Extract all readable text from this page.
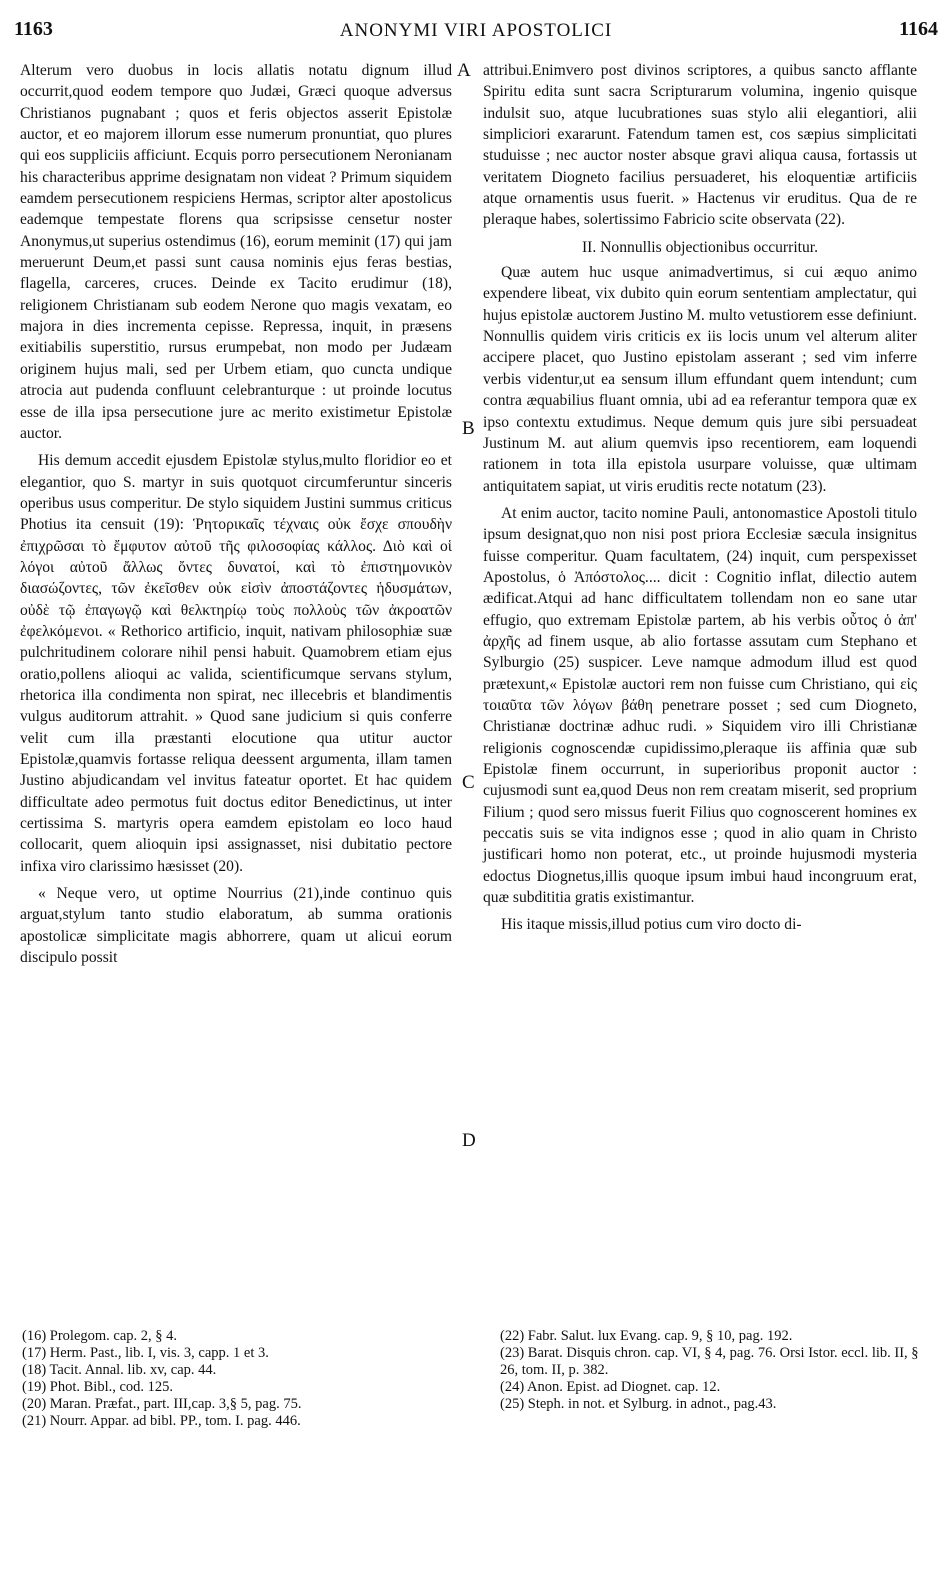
1163	ANONYMI VIRI APOSTOLICI	1164

Alterum vero duobus in locis allatis notatu dignum illud occurrit,quod eodem tempore quo Judæi, Græci quoque adversus Christianos pugnabant ; quos et feris objectos asserit Epistolæ auctor, et eo majorem illorum esse numerum pronuntiat, quo plures qui eos suppliciis afficiunt. Ecquis porro persecutionem Neronianam his characteribus apprime designatam non videat ? Primum siquidem eamdem persecutionem respiciens Hermas, scriptor alter apostolicus eademque tempestate florens qua scripsisse censetur noster Anonymus,ut superius ostendimus (16), eorum meminit (17) qui jam meruerunt Deum,et passi sunt causa nominis ejus feras bestias, flagella, carceres, cruces. Deinde ex Tacito erudimur (18), religionem Christianam sub eodem Nerone quo magis vexatam, eo majora in dies incrementa cepisse. Repressa, inquit, in præsens exitiabilis superstitio, rursus erumpebat, non modo per Judæam originem hujus mali, sed per Urbem etiam, quo cuncta undique atrocia aut pudenda confluunt celebranturque : ut proinde locutus esse de illa ipsa persecutione jure ac merito existimetur Epistolæ auctor.

His demum accedit ejusdem Epistolæ stylus,multo floridior eo et elegantior, quo S. martyr in suis quotquot circumferuntur sinceris operibus usus comperitur. De stylo siquidem Justini summus criticus Photius ita censuit (19): Ῥητορικαῖς τέχναις οὐκ ἔσχε σπουδὴν ἐπιχρῶσαι τὸ ἔμφυτον αὐτοῦ τῆς φιλοσοφίας κάλλος. Διὸ καὶ οἱ λόγοι αὐτοῦ ἄλλως ὄντες δυνατοί, καὶ τὸ ἐπιστημονικὸν διασώζοντες, τῶν ἐκεῖσθεν οὐκ εἰσὶν ἀποστάζοντες ἡδυσμάτων, οὐδὲ τῷ ἐπαγωγῷ καὶ θελκτηρίῳ τοὺς πολλοὺς τῶν ἀκροατῶν ἐφελκόμενοι. « Rethorico artificio, inquit, nativam philosophiæ suæ pulchritudinem colorare nihil pensi habuit. Quamobrem etiam ejus oratio,pollens alioqui ac valida, scientificumque servans stylum, rhetorica illa condimenta non spirat, nec illecebris et blandimentis vulgus auditorum attrahit. » Quod sane judicium si quis conferre velit cum illa præstanti elocutione qua utitur auctor Epistolæ,quamvis fortasse reliqua deessent argumenta, illam tamen Justino abjudicandam vel invitus fateatur oportet. Et hac quidem difficultate adeo permotus fuit doctus editor Benedictinus, ut inter certissima S. martyris opera eamdem epistolam eo loco haud collocarit, quem alioquin ipsi assignasset, nisi dubitatio pectore infixa viro clarissimo hæsisset (20).

« Neque vero, ut optime Nourrius (21),inde continuo quis arguat,stylum tanto studio elaboratum, ab summa orationis apostolicæ simplicitate magis abhorrere, quam ut alicui eorum discipulo possit

A
B
C
D

attribui.Enimvero post divinos scriptores, a quibus sancto afflante Spiritu edita sunt sacra Scripturarum volumina, ingenio quisque indulsit suo, atque lucubrationes suas stylo alii elegantiori, alii simpliciori exararunt. Fatendum tamen est, cos sæpius simplicitati studuisse ; nec auctor noster absque gravi aliqua causa, fortassis ut veritatem Diogneto facilius persuaderet, his eloquentiæ artificiis atque ornamentis usus fuerit. » Hactenus vir eruditus. Qua de re pleraque habes, solertissimo Fabricio scite observata (22).

II. Nonnullis objectionibus occurritur.

Quæ autem huc usque animadvertimus, si cui æquo animo expendere libeat, vix dubito quin eorum sententiam amplectatur, qui hujus epistolæ auctorem Justino M. multo vetustiorem esse definiunt. Nonnullis quidem viris criticis ex iis locis unum vel alterum aliter accipere placet, quo Justino epistolam asserant ; sed vim inferre verbis videntur,ut ea sensum illum effundant quem intendunt; cum contra æquabilius fluant omnia, ubi ad ea referantur tempora quæ ex ipso contextu extudimus. Neque demum quis jure sibi persuadeat Justinum M. aut alium quemvis ipso recentiorem, eam loquendi rationem in tota illa epistola usurpare voluisse, quæ ultimam antiquitatem sapiat, ut viris eruditis recte notatum (23).

At enim auctor, tacito nomine Pauli, antonomastice Apostoli titulo ipsum designat,quo non nisi post priora Ecclesiæ sæcula insignitus fuisse comperitur. Quam facultatem, (24) inquit, cum perspexisset Apostolus, ὁ Ἀπόστολος.... dicit : Cognitio inflat, dilectio autem ædificat.Atqui ad hanc difficultatem tollendam non eo sane utar effugio, quo extremam Epistolæ partem, ab his verbis οὗτος ὁ ἀπ' ἀρχῆς ad finem usque, ab alio fortasse assutam cum Stephano et Sylburgio (25) suspicer. Leve namque admodum illud est quod prætexunt,« Epistolæ auctori rem non fuisse cum Christiano, qui εἰς τοιαῦτα τῶν λόγων βάθη penetrare posset ; sed cum Diogneto, Christianæ doctrinæ adhuc rudi. » Siquidem viro illi Christianæ religionis cognoscendæ cupidissimo,pleraque iis affinia quæ sub Epistolæ finem occurrunt, in superioribus proponit auctor : cujusmodi sunt ea,quod Deus non rem creatam miserit, sed proprium Filium ; quod sero missus fuerit Filius quo cognoscerent homines ex peccatis suis se vita indignos esse ; quod in alio quam in Christo justificari homo non poterat, etc., ut proinde hujusmodi mysteria edoctus Diognetus,illis quoque ipsum imbui haud incongruum erat, quæ subdititia gratis existimantur.

His itaque missis,illud potius cum viro docto di-

(16) Prolegom. cap. 2, § 4.
(17) Herm. Past., lib. I, vis. 3, capp. 1 et 3.
(18) Tacit. Annal. lib. xv, cap. 44.
(19) Phot. Bibl., cod. 125.
(20) Maran. Præfat., part. III,cap. 3,§ 5, pag. 75.
(21) Nourr. Appar. ad bibl. PP., tom. I. pag. 446.
(22) Fabr. Salut. lux Evang. cap. 9, § 10, pag. 192.
(23) Barat. Disquis chron. cap. VI, § 4, pag. 76. Orsi Istor. eccl. lib. II, § 26, tom. II, p. 382.
(24) Anon. Epist. ad Diognet. cap. 12.
(25) Steph. in not. et Sylburg. in adnot., pag.43.
